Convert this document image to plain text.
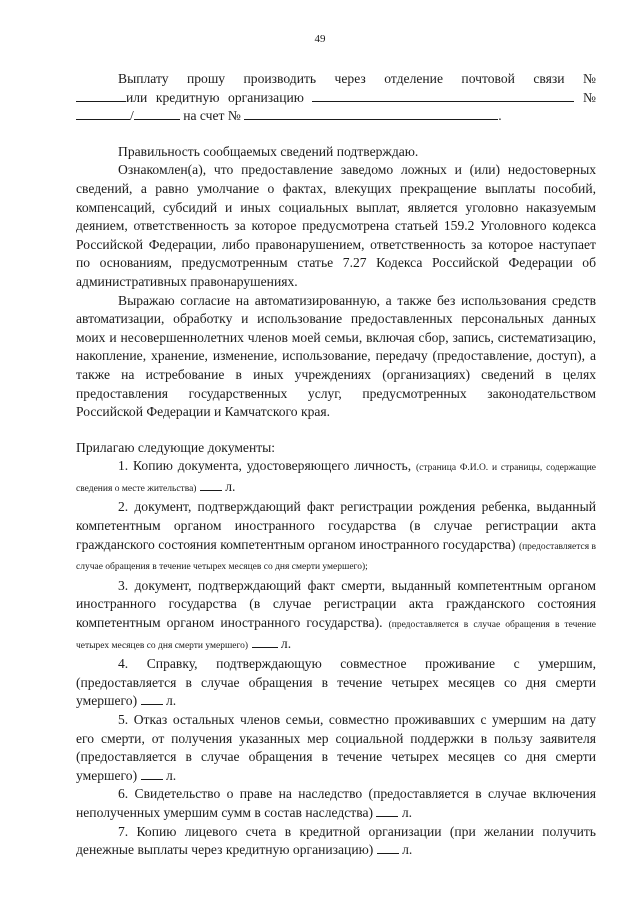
49

Выплату прошу производить через отделение почтовой связи №

или кредитную организацию	№

/	на счет №	.

Правильность сообщаемых сведений подтверждаю.

Ознакомлен(а), что предоставление заведомо ложных и (или) недостоверных сведений, а равно умолчание о фактах, влекущих прекращение выплаты пособий, компенсаций, субсидий и иных социальных выплат, является уголовно наказуемым деянием, ответственность за которое предусмотрена статьей 159.2 Уголовного кодекса Российской Федерации, либо правонарушением, ответственность за которое наступает по основаниям, предусмотренным статье 7.27 Кодекса Российской Федерации об административных правонарушениях.

Выражаю согласие на автоматизированную, а также без использования средств автоматизации, обработку и использование предоставленных персональных данных моих и несовершеннолетних членов моей семьи, включая сбор, запись, систематизацию, накопление, хранение, изменение, использование, передачу (предоставление, доступ), а также на истребование в иных учреждениях (организациях) сведений в целях предоставления государственных услуг, предусмотренных законодательством Российской Федерации и Камчатского края.

Прилагаю следующие документы:

1. Копию документа, удостоверяющего личность, (страница Ф.И.О. и страницы, содержащие сведения о месте жительства) л.

2. документ, подтверждающий факт регистрации рождения ребенка, выданный компетентным органом иностранного государства (в случае регистрации акта гражданского состояния компетентным органом иностранного государства) (предоставляется в случае обращения в течение четырех месяцев со дня смерти умершего);

3. документ, подтверждающий факт смерти, выданный компетентным органом иностранного государства (в случае регистрации акта гражданского состояния компетентным органом иностранного государства). (предоставляется в случае обращения в течение четырех месяцев со дня смерти умершего) л.

4. Справку, подтверждающую совместное проживание с умершим, (предоставляется в случае обращения в течение четырех месяцев со дня смерти умершего) л.

5. Отказ остальных членов семьи, совместно проживавших с умершим на дату его смерти, от получения указанных мер социальной поддержки в пользу заявителя (предоставляется в случае обращения в течение четырех месяцев со дня смерти умершего) л.

6. Свидетельство о праве на наследство (предоставляется в случае включения неполученных умершим сумм в состав наследства) л.

7. Копию лицевого счета в кредитной организации (при желании получить денежные выплаты через кредитную организацию) л.
